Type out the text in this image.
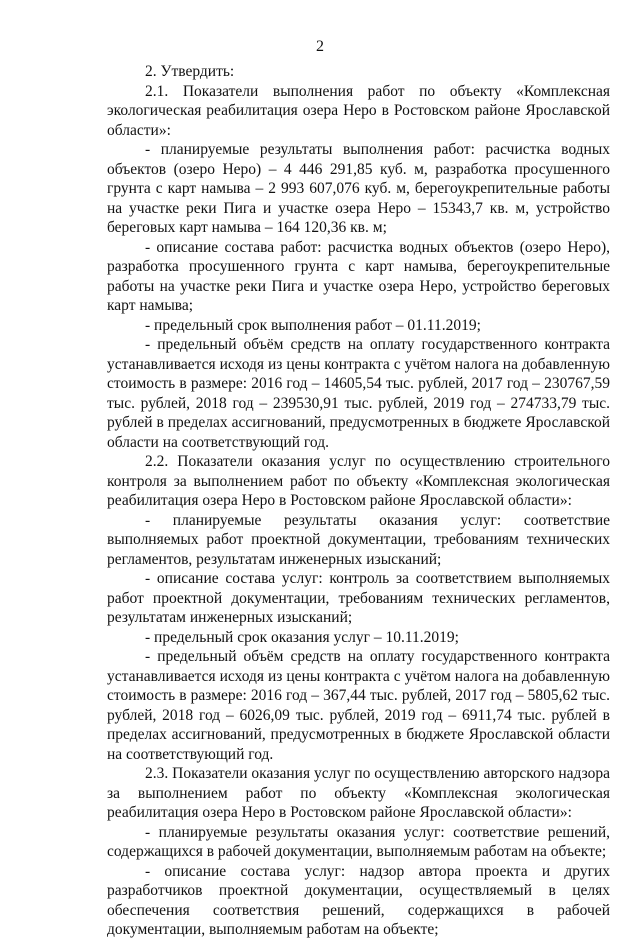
2

2. Утвердить:

2.1. Показатели выполнения работ по объекту «Комплексная экологическая реабилитация озера Неро в Ростовском районе Ярославской области»:

- планируемые результаты выполнения работ: расчистка водных объектов (озеро Неро) – 4 446 291,85 куб. м, разработка просушенного грунта с карт намыва – 2 993 607,076 куб. м, берегоукрепительные работы на участке реки Пига и участке озера Неро – 15343,7 кв. м, устройство береговых карт намыва – 164 120,36 кв. м;

- описание состава работ: расчистка водных объектов (озеро Неро), разработка просушенного грунта с карт намыва, берегоукрепительные работы на участке реки Пига и участке озера Неро, устройство береговых карт намыва;

- предельный срок выполнения работ – 01.11.2019;

- предельный объём средств на оплату государственного контракта устанавливается исходя из цены контракта с учётом налога на добавленную стоимость в размере: 2016 год – 14605,54 тыс. рублей, 2017 год – 230767,59 тыс. рублей, 2018 год – 239530,91 тыс. рублей, 2019 год – 274733,79 тыс. рублей в пределах ассигнований, предусмотренных в бюджете Ярославской области на соответствующий год.

2.2. Показатели оказания услуг по осуществлению строительного контроля за выполнением работ по объекту «Комплексная экологическая реабилитация озера Неро в Ростовском районе Ярославской области»:

- планируемые результаты оказания услуг: соответствие выполняемых работ проектной документации, требованиям технических регламентов, результатам инженерных изысканий;

- описание состава услуг: контроль за соответствием выполняемых работ проектной документации, требованиям технических регламентов, результатам инженерных изысканий;

- предельный срок оказания услуг – 10.11.2019;

- предельный объём средств на оплату государственного контракта устанавливается исходя из цены контракта с учётом налога на добавленную стоимость в размере: 2016 год – 367,44 тыс. рублей, 2017 год – 5805,62 тыс. рублей, 2018 год – 6026,09 тыс. рублей, 2019 год – 6911,74 тыс. рублей в пределах ассигнований, предусмотренных в бюджете Ярославской области на соответствующий год.

2.3. Показатели оказания услуг по осуществлению авторского надзора за выполнением работ по объекту «Комплексная экологическая реабилитация озера Неро в Ростовском районе Ярославской области»:

- планируемые результаты оказания услуг: соответствие решений, содержащихся в рабочей документации, выполняемым работам на объекте;

- описание состава услуг: надзор автора проекта и других разработчиков проектной документации, осуществляемый в целях обеспечения соответствия решений, содержащихся в рабочей документации, выполняемым работам на объекте;
